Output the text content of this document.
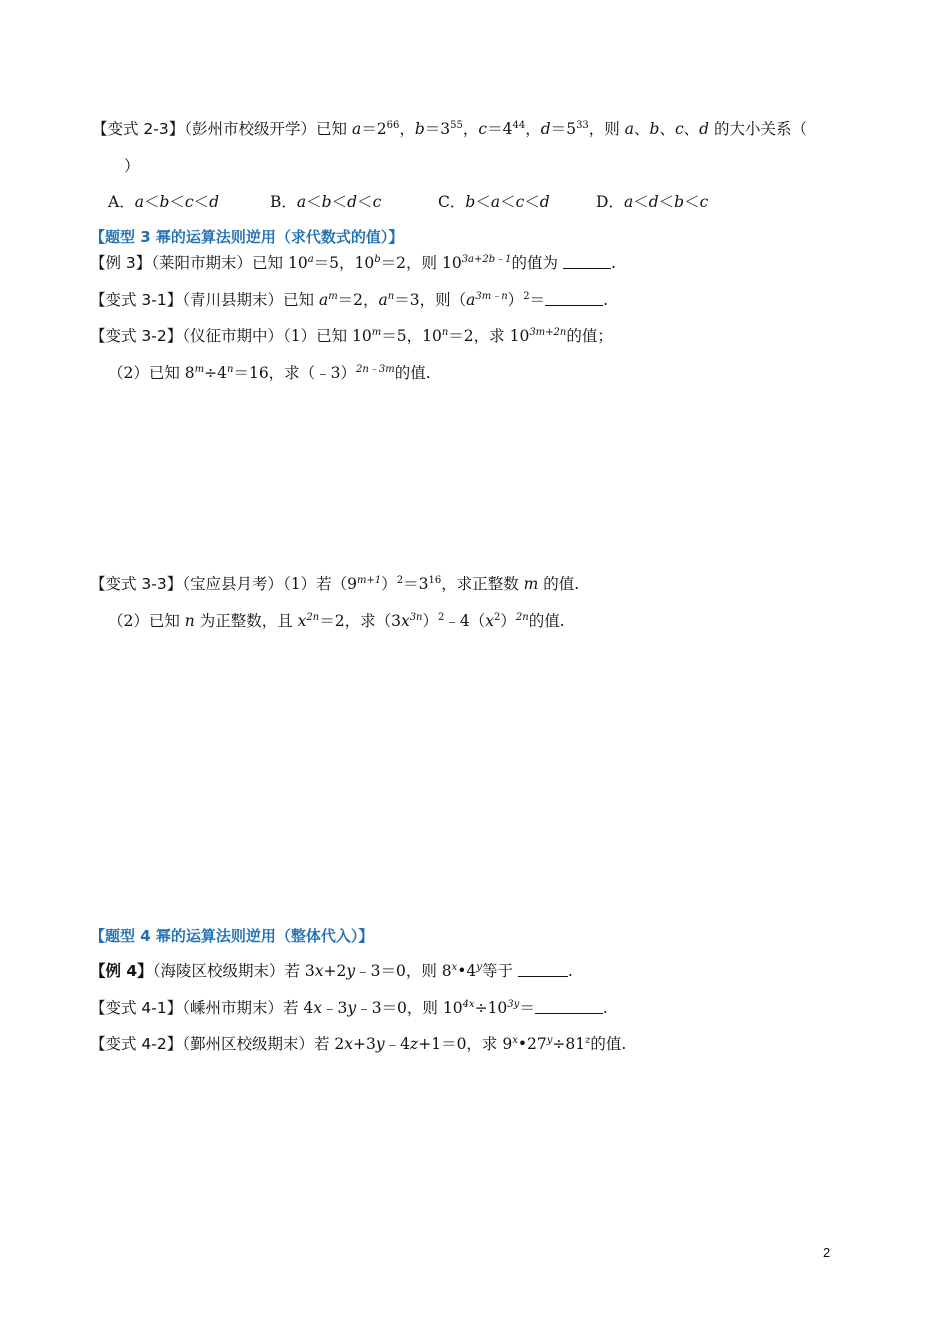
【变式 2-3】（彭州市校级开学）已知 $a=2^{66}$，$b=3^{55}$，$c=4^{44}$，$d=5^{33}$，则 a、b、c、d 的大小关系（
）
A．a＜b＜c＜d	B．a＜b＜d＜c	C．b＜a＜c＜d	D．a＜d＜b＜c
【题型 3 幂的运算法则逆用（求代数式的值）】
【例 3】（莱阳市期末）已知 $10^a=5$，$10^b=2$，则 $10^{3a+2b﹣1}$的值为	.
【变式 3-1】（青川县期末）已知 $a^m=2$，$a^n=3$，则$(a^{3m﹣n})^2=$	.
【变式 3-2】（仪征市期中）（1）已知 $10^m=5$，$10^n=2$，求 $10^{3m+2n}$的值；
（2）已知 $8^m\div 4^n=16$，求（﹣3）$^{2n﹣3m}$的值.
【变式 3-3】（宝应县月考）（1）若$(9^{m+1})^2=3^{16}$，求正整数 m 的值.
（2）已知 n 为正整数，且 $x^{2n}=2$，求$(3x^{3n})^2﹣4(x^2)^{2n}$的值.
【题型 4 幂的运算法则逆用（整体代入）】
【例 4】（海陵区校级期末）若 3x+2y﹣3＝0，则 8$^x$•4$^y$等于	.
【变式 4-1】（嵊州市期末）若 4x﹣3y﹣3＝0，则 $10^{4x}\div 10^{3y}=$	.
【变式 4-2】（鄞州区校级期末）若 2x+3y﹣4z+1＝0，求 $9^x•27^y\div 81^z$的值.
2
